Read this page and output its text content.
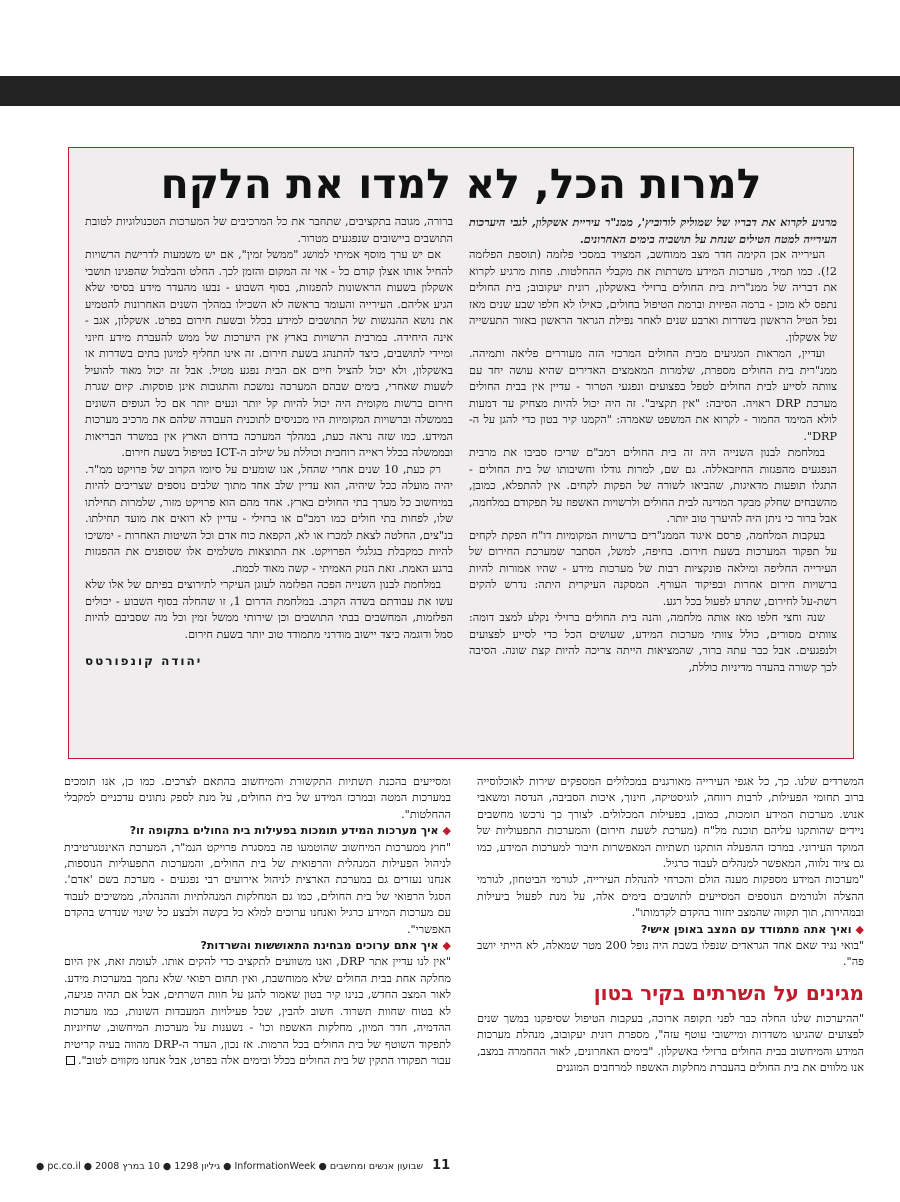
למרות הכל, לא למדו את הלקח

מרגיע לקרוא את דבריו של שמוליק לורוביץ', ממנ"ר עיריית אשקלון, לגבי היערכות העירייה למטח הטילים שנחת על תושביה בימים האחרונים.

העירייה אכן הקימה חדר מצב ממוחשב, המצויד במסכי פלזמה (תוספת הפלזמה 2!). כמו תמיד, מערכות המידע משרתות את מקבלי ההחלטות. פחות מרגיע לקרוא את דבריה של ממנ"רית בית החולים ברזילי באשקלון, רונית יעקובוב; בית החולים נתפס לא מוכן - ברמה הפיזית וברמת הטיפול בחולים, כאילו לא חלפו שבע שנים מאז נפל הטיל הראשון בשדרות וארבע שנים לאחר נפילת הגראד הראשון באזור התעשייה של אשקלון.

ועדיין, המראות המגיעים מבית החולים המרכזי הזה מעוררים פליאה ותמיהה. ממנ"רית בית החולים מספרת, שלמרות המאמצים האדירים שהיא עושה יחד עם צוותה לסייע לבית החולים לטפל בפצועים ונפגעי הטרור - עדיין אין בבית החולים מערכת DRP ראויה. הסיבה: "אין תקציב". זה היה יכול להיות מצחיק עד דמעות לולא המימד החמור - לקרוא את המשפט שאמרה: "הקמנו קיר בטון כדי להגן על ה-DRP".

במלחמת לבנון השנייה היה זה בית החולים רמב"ם שריכז סביבו את מרבית הנפגעים מהפגזות החיזבאללה. גם שם, למרות גודלו וחשיבותו של בית החולים - התגלו תופעות מדאיגות, שהביאו לשורה של הפקות לקחים. אין להתפלא, כמובן, מהשבחים שחלק מבקר המדינה לבית החולים ולרשויות האשפוז על תפקודם במלחמה, אבל ברור כי ניתן היה להיערך טוב יותר.

בעקבות המלחמה, פרסם איגוד הממנ"רים ברשויות המקומיות דו"ח הפקת לקחים על תפקוד המערכות בשעת חירום. בחיפה, למשל, הסתבר שמערכת החירום של העירייה החליפה ומילאה פונקציות רבות של מערכות מידע - שהיו אמורות להיות ברשויות חירום אחרות ובפיקוד העורף. המסקנה העיקרית היתה: נדרש להקים רשת-על לחירום, שתדע לפעול בכל רגע.

שנה וחצי חלפו מאז אותה מלחמה, והנה בית החולים ברזילי נקלע למצב דומה: צוותים מסורים, כולל צוותי מערכות המידע, שעושים הכל כדי לסייע לפצועים ולנפגעים. אבל כבר עתה ברור, שהמציאות הייתה צריכה להיות קצת שונה. הסיבה לכך קשורה בהעדר מדיניות כוללת,

ברורה, מגובה בתקציבים, שתחבר את כל המרכיבים של המערכות הטכנולוגיות לטובת התושבים ביישובים שנפגעים מטרור.

אם יש ערך מוסף אמיתי למושג "ממשל זמין", אם יש משמעות לדרישת הרשויות להחיל אותו אצלן קודם כל - אזי זה המקום והזמן לכך. החלט והבלבול שהפגינו תושבי אשקלון בשעות הראשונות להפגזות, בסוף השבוע - נבעו מהעדר מידע בסיסי שלא הגיע אליהם. העירייה והעומד בראשה לא השכילו במהלך השנים האחרונות להטמיע את נושא ההנגשות של התושבים למידע בכלל ובשעת חירום בפרט. אשקלון, אגב - אינה היחידה. במרבית הרשויות בארץ אין היערכות של ממש להעברת מידע חיוני ומיידי לתושבים, כיצד להתנהג בשעת חירום. זה אינו תחליף למיגון בתים בשדרות או באשקלון, ולא יכול להציל חיים אם הבית נפגע מטיל. אבל זה יכול מאוד להועיל לשעות שאחרי, בימים שבהם המערכה נמשכת והתגובות אינן פוסקות. קיום שגרת חירום ברשות מקומית היה יכול להיות קל יותר ונעים יותר אם כל הגופים השונים בממשלה וברשויות המקומיות היו מכניסים לתוכנית העבודה שלהם את מרכיב מערכות המידע. כמו שזה נראה כעת, במהלך המערכה בדרום הארץ אין במשרד הבריאות ובממשלה בכלל ראייה רוחבית וכוללת על שילוב ה-ICT בטיפול בשעת חירום.

רק כעת, 10 שנים אחרי שהחל, אנו שומעים על סיומו הקרוב של פרויקט ממ"ר. יהיה מועלה ככל שיהיה, הוא עדיין שלב אחד מתוך שלבים נוספים שצריכים להיות במיחשוב כל מערך בתי החולים בארץ. אחד מהם הוא פרויקט מזור, שלמרות תחילתו שלו, לפחות בתי חולים כמו רמב"ם או ברזילי - עדיין לא רואים את מועד תחילתו. בנ"צים, החלטה לצאת למכרז או לא, הקפאת כוח אדם וכל השיטות האחרות - ימשיכו להיות כמקבלת בגלגלי הפרויקט. את התוצאות משלמים אלו שסופגים את ההפגזות ברגע האמת. זאת הנזק האמיתי - קשה מאוד לכמת.

במלחמת לבנון השנייה הפכה הפלזמה לעוגן העיקרי לתירוצים בפיתם של אלו שלא עשו את עבודתם בשדה הקרב. במלחמת הדרום 1, זו שהחלה בסוף השבוע - יכולים הפלזמות, המחשבים בבתי התושבים וכן שירותי ממשל זמין וכל מה שסביבם להיות סמל ודוגמה כיצד יישוב מודרני מתמודד טוב יותר בשעת חירום.

יהודה קונפורטס

המשרדים שלנו. כך, כל אגפי העירייה מאורגנים במכלולים המספקים שירות לאוכלוסייה ברוב תחומי הפעילות, לרבות רווחה, לוגיסטיקה, חינוך, איכות הסביבה, הנדסה ומשאבי אנוש. מערכות המידע תומכות, כמובן, בפעילות המכלולים. לצורך כך נרכשו מחשבים ניידים שהותקנו עליהם תוכנת מל"ח (מערכת לשעת חירום) והמערכות התפעוליות של המוקד העירוני. במרכז ההפעלה הותקנו תשתיות המאפשרות חיבור למערכות המידע, כמו גם ציוד נלווה, המאפשר למנהלים לעבוד כרגיל.

"מערכות המידע מספקות מענה הולם והכרחי להנהלת העירייה, לגורמי הביטחון, לגורמי ההצלה ולגורמים הנוספים המסייעים לתושבים בימים אלה, על מנת לפעול ביעילות ובמהירות, תוך תקווה שהמצב יחזור בהקדם לקדמותו".

◆ואיך אתה מתמודד עם המצב באופן אישי?

"בואי נגיד שאם אחד הגראדים שנפלו בשבת היה נופל 200 מטר שמאלה, לא הייתי יושב פה".

מגינים על השרתים בקיר בטון

"ההיערכות שלנו החלה כבר לפני תקופה ארוכה, בעקבות הטיפול שסיפקנו במשך שנים לפצועים שהגיעו משדרות ומיישובי עוטף עזה", מספרת רונית יעקובוב, מנהלת מערכות המידע והמיחשוב בבית החולים ברזילי באשקלון. "בימים האחרונים, לאור ההחמרה במצב, אנו מלווים את בית החולים בהעברת מחלקות האשפוז למרחבים המוגנים

ומסייעים בהכנת תשתיות התקשורת והמיחשוב בהתאם לצרכים. כמו כן, אנו תומכים במערכות המטה ובמרכז המידע של בית החולים, על מנת לספק נתונים עדכניים למקבלי ההחלטות".

◆איך מערכות המידע תומכות בפעילות בית החולים בתקופה זו?

"חוץ ממערכות המיחשוב שהוטמעו פה במסגרת פרויקט הנמ"ר, המערכת האינטגרטיבית לניהול הפעילות המנהלית והרפואית של בית החולים, והמערכות התפעוליות הנוספות, אנחנו נעזרים גם במערכת הארצית לניהול אירועים רבי נפגעים - מערכת בשם 'אדם'. הסגל הרפואי של בית החולים, כמו גם המחלקות המנהלתיות וההנהלה, ממשיכים לעבוד עם מערכות המידע כרגיל ואנחנו ערוכים למלא כל בקשה ולבצע כל שינוי שנדרש בהקדם האפשרי".

◆איך אתם ערוכים מבחינת התאוששות והשרדות?

"אין לנו עדיין אתר DRP, ואנו משוועים לתקציב כדי להקים אותו. לעומת זאת, אין היום מחלקה אחת בבית החולים שלא ממוחשבת, ואין תחום רפואי שלא נתמך במערכות מידע. לאור המצב החדש, בנינו קיר בטון שאמור להגן על חוות השרתים, אבל אם תהיה פגיעה, לא בטוח שחוות תשרוד. חשוב להבין, שכל פעילויות המעבדות השונות, כמו מערכות ההדמיה, חדר המיון, מחלקות האשפוז וכו' - נשענות על מערכות המיחשוב, שחיוניות לתפקוד השוטף של בית החולים בכל הרמות. אז נכון, העדר ה-DRP מהווה בעיה קריטית עבור תפקודו התקין של בית החולים בכלל ובימים אלה בפרט, אבל אנחנו מקווים לטוב".

11 שבועון אנשים ומחשבים ● InformationWeek ● גיליון 1298 ● 10 במרץ 2008 ● pc.co.il ●
